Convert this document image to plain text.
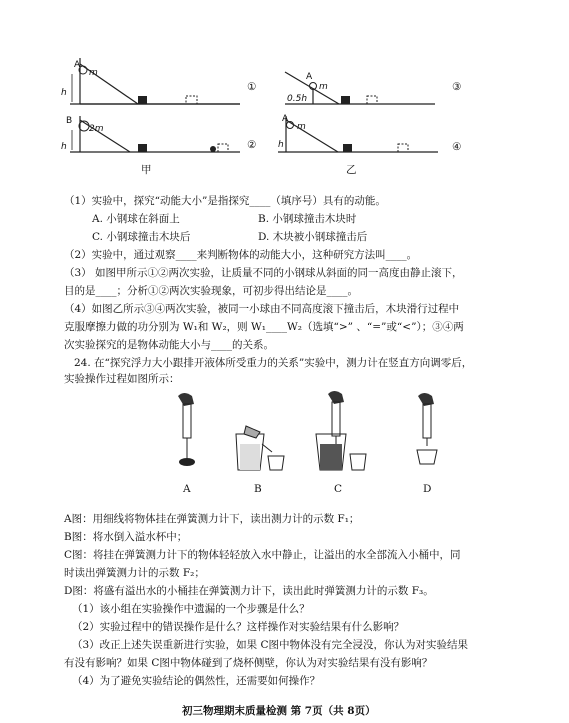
A
m
h	①
B
2m
h	②
A
m
0.5h
③
A
m
h	④
甲	乙
（1）实验中，探究“动能大小”是指探究____（填序号）具有的动能。
A. 小钢球在斜面上	B. 小钢球撞击木块时
C. 小钢球撞击木块后	D. 木块被小钢球撞击后
（2）实验中，通过观察____来判断物体的动能大小，这种研究方法叫____。
（3） 如图甲所示①②两次实验，让质量不同的小钢球从斜面的同一高度由静止滚下，
目的是____；分析①②两次实验现象，可初步得出结论是____。
（4）如图乙所示③④两次实验，被同一小球由不同高度滚下撞击后，木块滑行过程中
克服摩擦力做的功分别为 W₁和 W₂，则 W₁____W₂（选填“>” 、“=”或“<”）；③④两
次实验探究的是物体动能大小与____的关系。
24. 在“探究浮力大小跟排开液体所受重力的关系”实验中，测力计在竖直方向调零后，
实验操作过程如图所示：
A	B	C	D
A图：用细线将物体挂在弹簧测力计下，读出测力计的示数 F₁；
B图：将水倒入溢水杯中；
C图：将挂在弹簧测力计下的物体轻轻放入水中静止，让溢出的水全部流入小桶中，同
时读出弹簧测力计的示数 F₂；
D图：将盛有溢出水的小桶挂在弹簧测力计下，读出此时弹簧测力计的示数 F₃。
（1）该小组在实验操作中遗漏的一个步骤是什么？
（2）实验过程中的错误操作是什么？这样操作对实验结果有什么影响？
（3）改正上述失误重新进行实验，如果 C图中物体没有完全浸没，你认为对实验结果
有没有影响？如果 C图中物体碰到了烧杯侧壁，你认为对实验结果有没有影响？
（4）为了避免实验结论的偶然性，还需要如何操作？
初三物理期末质量检测 第 7页（共 8页）
